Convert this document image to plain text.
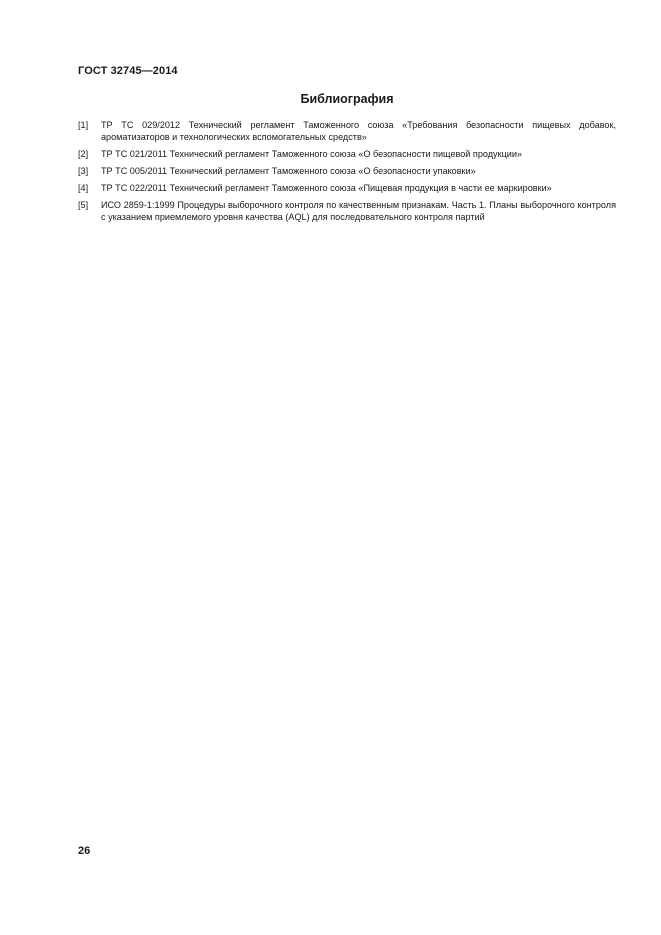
ГОСТ 32745—2014
Библиография
[1]	ТР ТС 029/2012 Технический регламент Таможенного союза «Требования безопасности пищевых добавок, ароматизаторов и технологических вспомогательных средств»
[2]	ТР ТС 021/2011 Технический регламент Таможенного союза «О безопасности пищевой продукции»
[3]	ТР ТС 005/2011 Технический регламент Таможенного союза «О безопасности упаковки»
[4]	ТР ТС 022/2011 Технический регламент Таможенного союза «Пищевая продукция в части ее маркировки»
[5]	ИСО 2859-1:1999 Процедуры выборочного контроля по качественным признакам. Часть 1. Планы выборочного контроля с указанием приемлемого уровня качества (AQL) для последовательного контроля партий
26
